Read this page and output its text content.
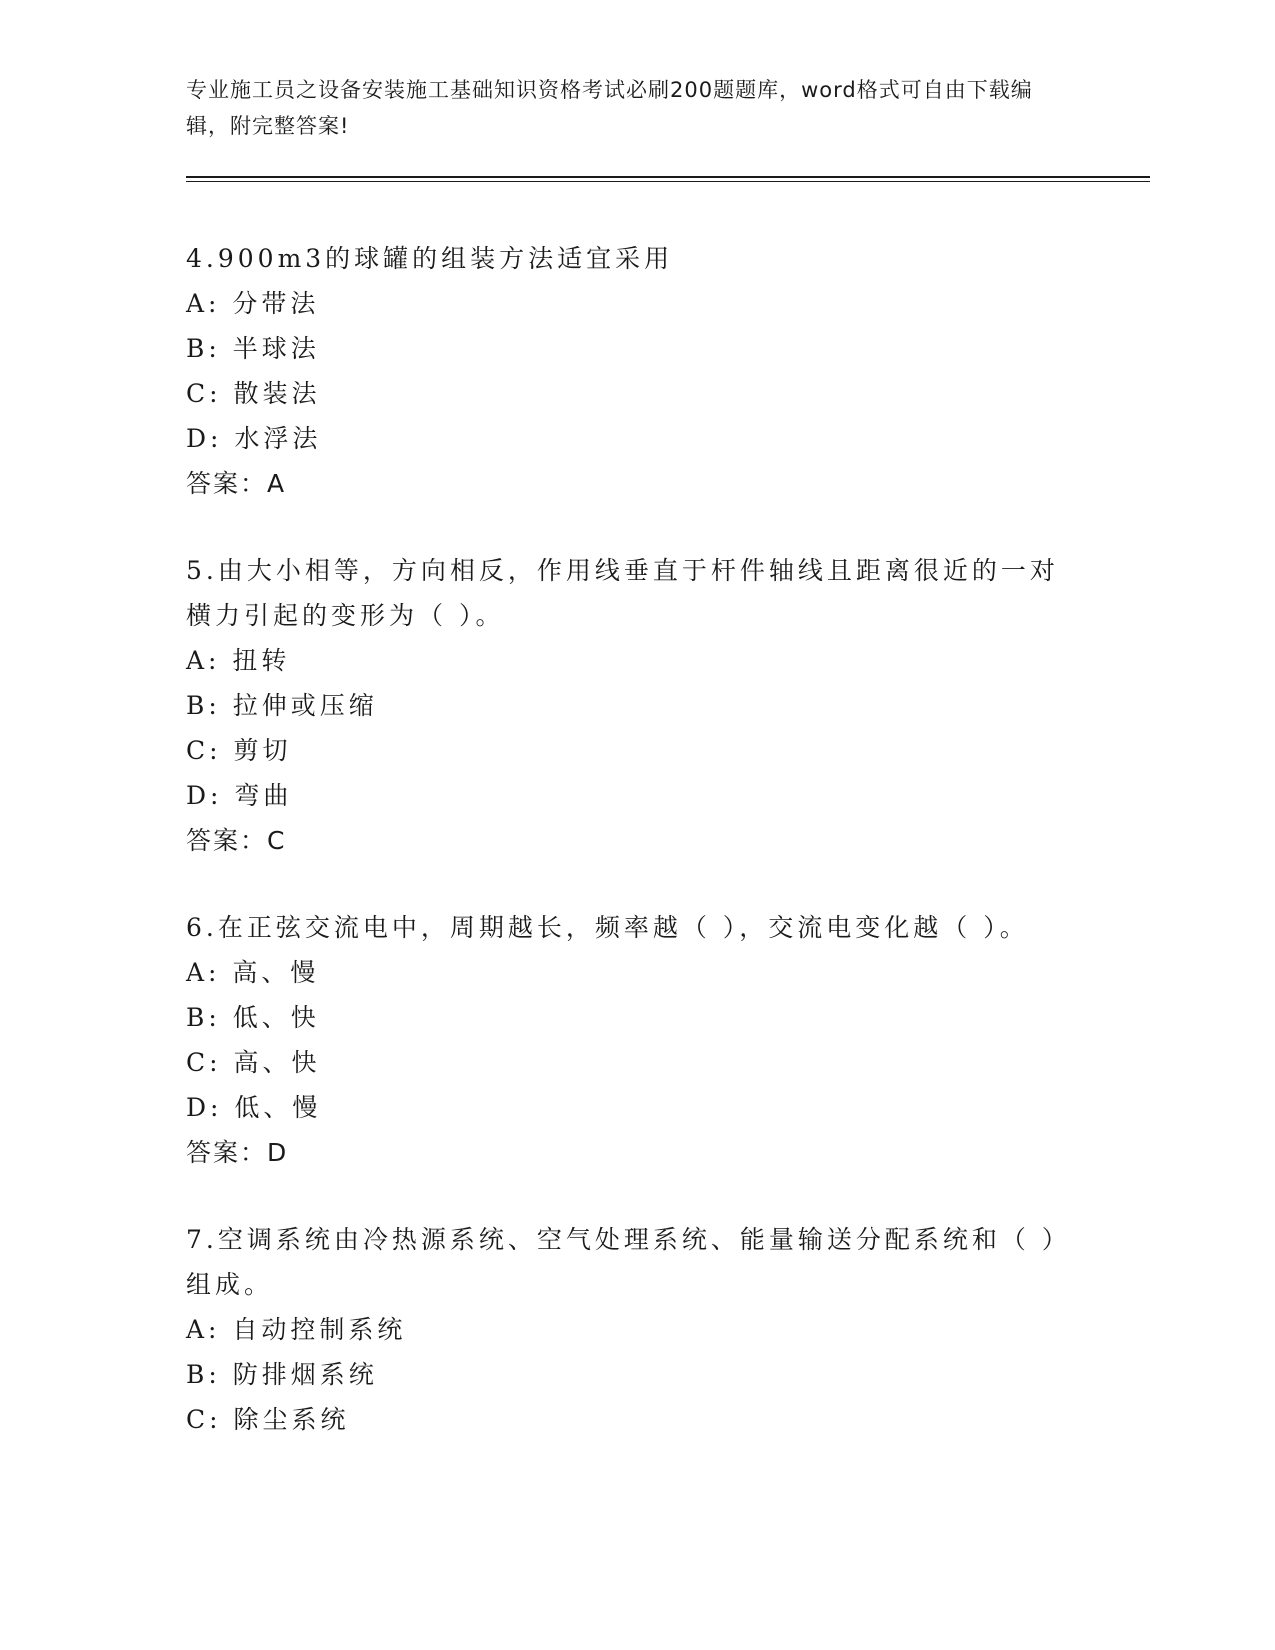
专业施工员之设备安装施工基础知识资格考试必刷200题题库，word格式可自由下载编辑，附完整答案!
4.900m3的球罐的组装方法适宜采用
A: 分带法
B: 半球法
C: 散装法
D: 水浮法
答案：A
5.由大小相等，方向相反，作用线垂直于杆件轴线且距离很近的一对横力引起的变形为（ ）。
A: 扭转
B: 拉伸或压缩
C: 剪切
D: 弯曲
答案：C
6.在正弦交流电中，周期越长，频率越（ ），交流电变化越（ ）。
A: 高、慢
B: 低、快
C: 高、快
D: 低、慢
答案：D
7.空调系统由冷热源系统、空气处理系统、能量输送分配系统和（ ）组成。
A: 自动控制系统
B: 防排烟系统
C: 除尘系统
